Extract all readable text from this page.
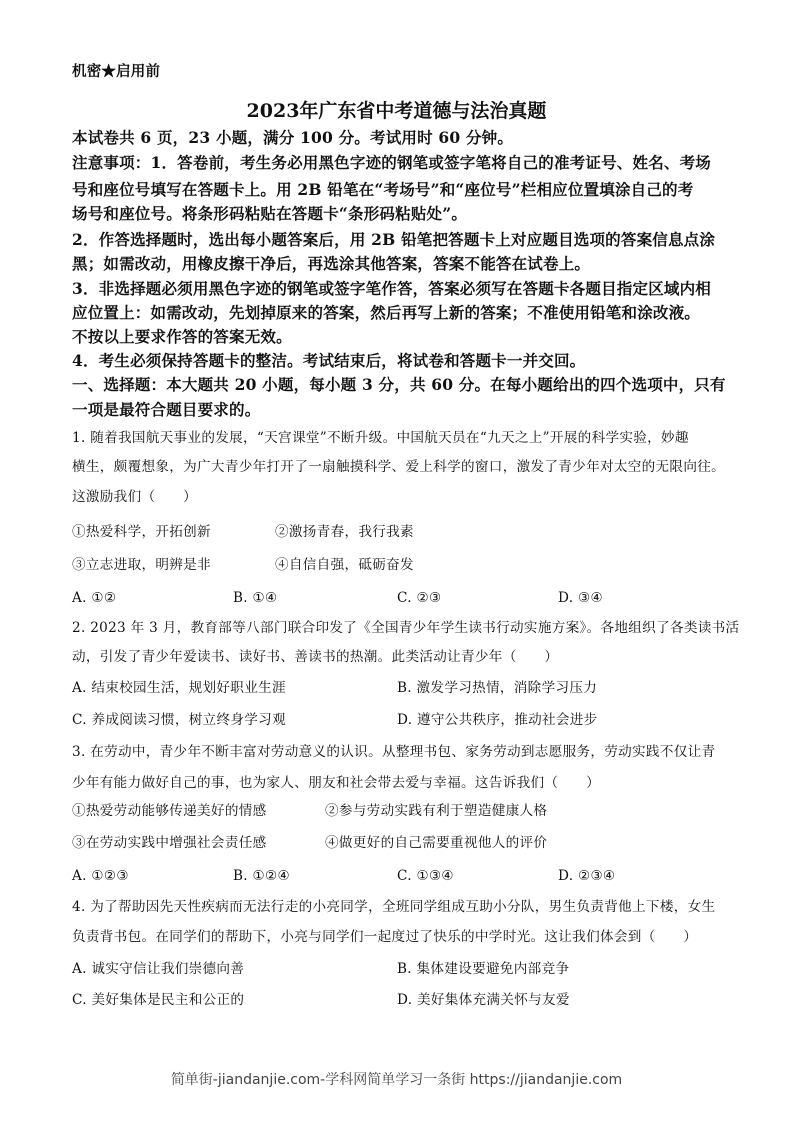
机密★启用前
2023年广东省中考道德与法治真题
本试卷共 6 页，23 小题，满分 100 分。考试用时 60 分钟。
注意事项：1．答卷前，考生务必用黑色字迹的钢笔或签字笔将自己的准考证号、姓名、考场
号和座位号填写在答题卡上。用 2B 铅笔在“考场号”和“座位号”栏相应位置填涂自己的考
场号和座位号。将条形码粘贴在答题卡“条形码粘贴处”。
2．作答选择题时，选出每小题答案后，用 2B 铅笔把答题卡上对应题目选项的答案信息点涂
黑；如需改动，用橡皮擦干净后，再选涂其他答案，答案不能答在试卷上。
3．非选择题必须用黑色字迹的钢笔或签字笔作答，答案必须写在答题卡各题目指定区域内相
应位置上：如需改动，先划掉原来的答案，然后再写上新的答案；不准使用铅笔和涂改液。
不按以上要求作答的答案无效。
4．考生必须保持答题卡的整洁。考试结束后，将试卷和答题卡一并交回。
一、选择题：本大题共 20 小题，每小题 3 分，共 60 分。在每小题给出的四个选项中，只有
一项是最符合题目要求的。
1. 随着我国航天事业的发展，“天宫课堂”不断升级。中国航天员在“九天之上”开展的科学实验，妙趣
横生，颇覆想象，为广大青少年打开了一扇触摸科学、爱上科学的窗口，激发了青少年对太空的无限向往。
这激励我们（　　）
①热爱科学，开拓创新	②激扬青春，我行我素
③立志进取，明辨是非	④自信自强，砥砺奋发
A. ①②	B. ①④	C. ②③	D. ③④
2. 2023 年 3 月，教育部等八部门联合印发了《全国青少年学生读书行动实施方案》。各地组织了各类读书活
动，引发了青少年爱读书、读好书、善读书的热潮。此类活动让青少年（　　）
A. 结束校园生活，规划好职业生涯	B. 激发学习热情，消除学习压力
C. 养成阅读习惯，树立终身学习观	D. 遵守公共秩序，推动社会进步
3. 在劳动中，青少年不断丰富对劳动意义的认识。从整理书包、家务劳动到志愿服务，劳动实践不仅让青
少年有能力做好自己的事，也为家人、朋友和社会带去爱与幸福。这告诉我们（　　）
①热爱劳动能够传递美好的情感	②参与劳动实践有利于塑造健康人格
③在劳动实践中增强社会责任感	④做更好的自己需要重视他人的评价
A. ①②③	B. ①②④	C. ①③④	D. ②③④
4. 为了帮助因先天性疾病而无法行走的小亮同学，全班同学组成互助小分队，男生负责背他上下楼，女生
负责背书包。在同学们的帮助下，小亮与同学们一起度过了快乐的中学时光。这让我们体会到（　　）
A. 诚实守信让我们崇德向善	B. 集体建设要避免内部竞争
C. 美好集体是民主和公正的	D. 美好集体充满关怀与友爱
简单街-jiandanjie.com-学科网简单学习一条街 https://jiandanjie.com
